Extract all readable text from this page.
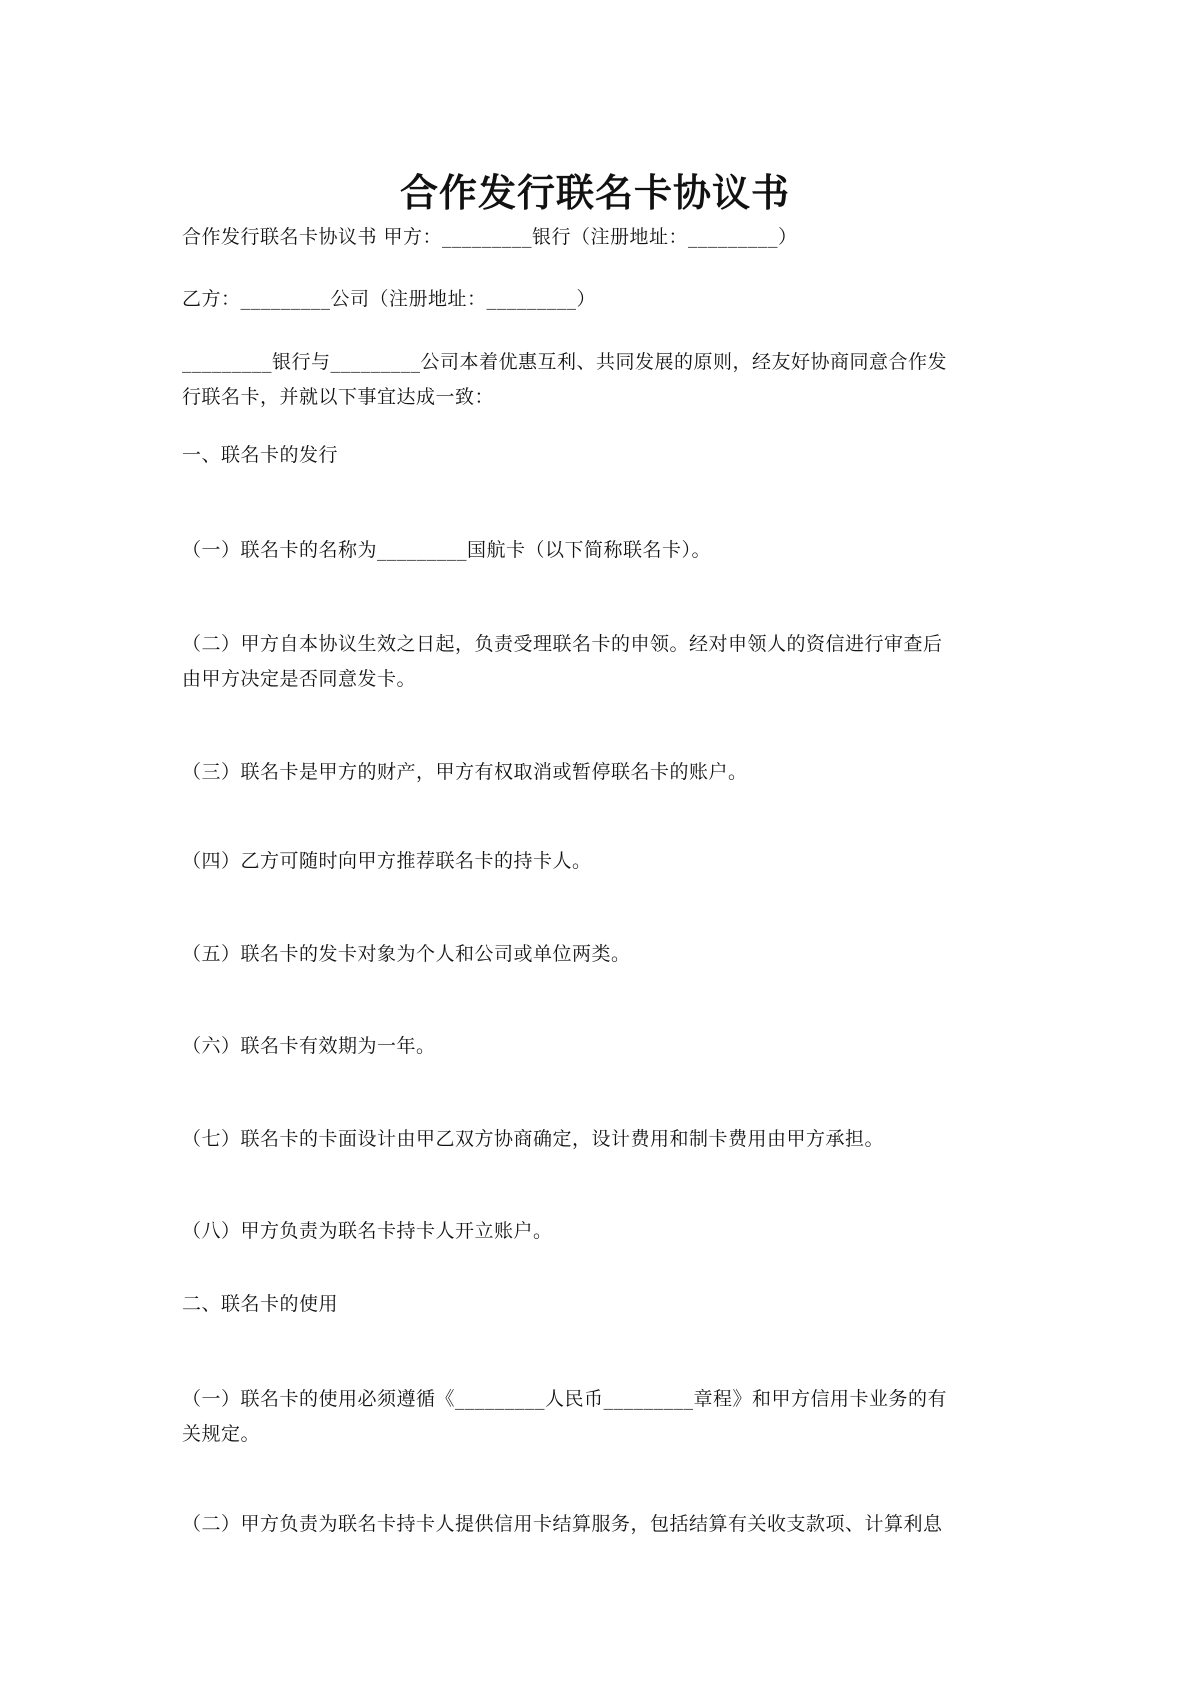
合作发行联名卡协议书
合作发行联名卡协议书 甲方：_________银行（注册地址：_________）
乙方：_________公司（注册地址：_________）
_________银行与_________公司本着优惠互利、共同发展的原则，经友好协商同意合作发
行联名卡，并就以下事宜达成一致：
一、联名卡的发行
（一）联名卡的名称为_________国航卡（以下简称联名卡）。
（二）甲方自本协议生效之日起，负责受理联名卡的申领。经对申领人的资信进行审查后
由甲方决定是否同意发卡。
（三）联名卡是甲方的财产，甲方有权取消或暂停联名卡的账户。
（四）乙方可随时向甲方推荐联名卡的持卡人。
（五）联名卡的发卡对象为个人和公司或单位两类。
（六）联名卡有效期为一年。
（七）联名卡的卡面设计由甲乙双方协商确定，设计费用和制卡费用由甲方承担。
（八）甲方负责为联名卡持卡人开立账户。
二、联名卡的使用
（一）联名卡的使用必须遵循《_________人民币_________章程》和甲方信用卡业务的有
关规定。
（二）甲方负责为联名卡持卡人提供信用卡结算服务，包括结算有关收支款项、计算利息
